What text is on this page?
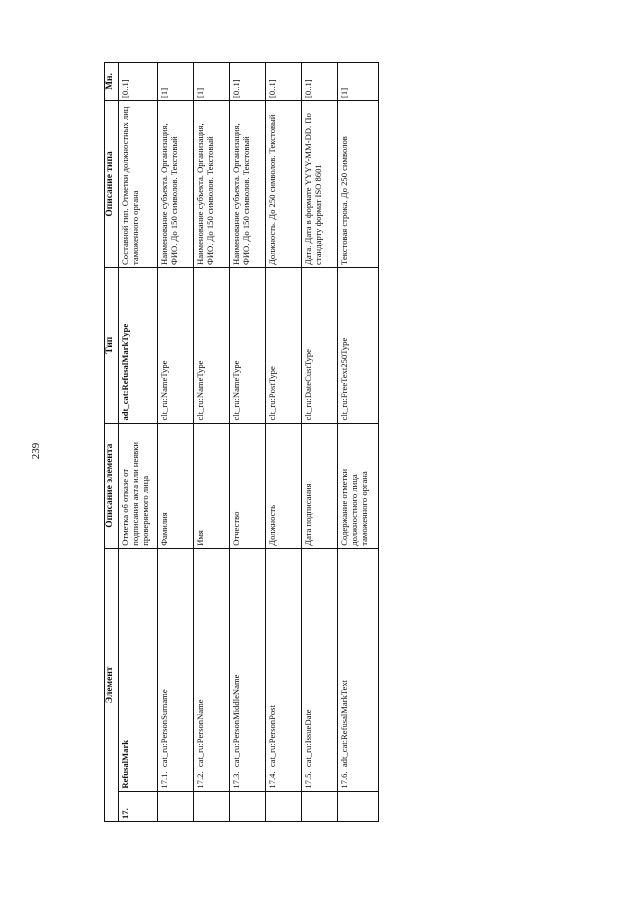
239
Элемент		Описание элемента	Тип	Описание типа	Мн.
17.	RefusalMark	Отметка об отказе от подписания акта или неявки проверяемого лица	adt_cat:RefusalMarkType	Составной тип. Отметки должностных лиц таможенного органа	[0..1]
	17.1.  cat_ru:PersonSurname	Фамилия	clt_ru:NameType	Наименование субъекта. Организация, ФИО. До 150 символов. Текстовый	[1]
	17.2.  cat_ru:PersonName	Имя	clt_ru:NameType	Наименование субъекта. Организация, ФИО. До 150 символов. Текстовый	[1]
	17.3.  cat_ru:PersonMiddleName	Отчество	clt_ru:NameType	Наименование субъекта. Организация, ФИО. До 150 символов. Текстовый	[0..1]
	17.4.  cat_ru:PersonPost	Должность	clt_ru:PostType	Должность. До 250 символов. Текстовый	[0..1]
	17.5.  cat_ru:IssueDate	Дата подписания	clt_ru:DateCustType	Дата. Дата в формате YYYY-MM-DD. По стандарту формат ISO 8601	[0..1]
	17.6.  adt_cat:RefusalMarkText	Содержание отметки должностного лица таможенного органа	clt_ru:FreeText250Type	Текстовая строка. До 250 символов	[1]
